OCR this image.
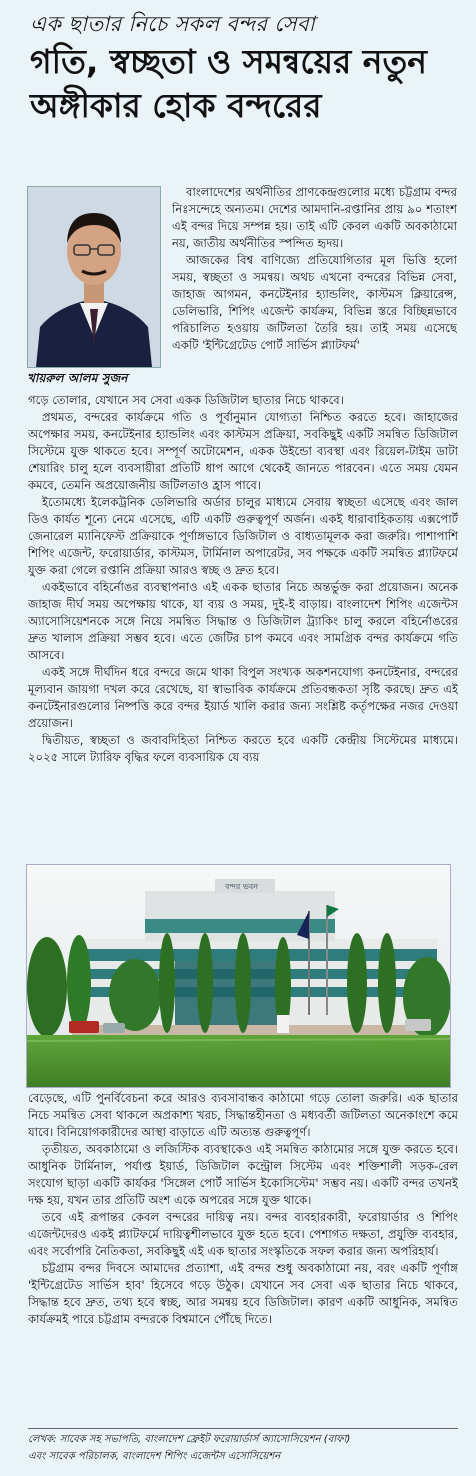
এক ছাতার নিচে সকল বন্দর সেবা
গতি, স্বচ্ছতা ও সমন্বয়ের নতুন অঙ্গীকার হোক বন্দরের
খায়রুল আলম সুজন

বাংলাদেশের অর্থনীতির প্রাণকেন্দ্রগুলোর মধ্যে চট্টগ্রাম বন্দর নিঃসন্দেহে অন্যতম। দেশের আমদানি-রপ্তানির প্রায় ৯০ শতাংশ এই বন্দর দিয়ে সম্পন্ন হয়। তাই এটি কেবল একটি অবকাঠামো নয়, জাতীয় অর্থনীতির স্পন্দিত হৃদয়।

আজকের বিশ্ব বাণিজ্যে প্রতিযোগিতার মূল ভিত্তি হলো সময়, স্বচ্ছতা ও সমন্বয়। অথচ এখনো বন্দরের বিভিন্ন সেবা, জাহাজ আগমন, কনটেইনার হ্যান্ডলিং, কাস্টমস ক্লিয়ারেন্স, ডেলিভারি, শিপিং এজেন্ট কার্যক্রম, বিভিন্ন স্তরে বিচ্ছিন্নভাবে পরিচালিত হওয়ায় জটিলতা তৈরি হয়। তাই সময় এসেছে একটি 'ইন্টিগ্রেটেড পোর্ট সার্ভিস প্ল্যাটফর্ম'

গড়ে তোলার, যেখানে সব সেবা একক ডিজিটাল ছাতার নিচে থাকবে।

প্রথমত, বন্দরের কার্যক্রমে গতি ও পূর্বানুমান যোগ্যতা নিশ্চিত করতে হবে। জাহাজের অপেক্ষার সময়, কনটেইনার হ্যান্ডলিং এবং কাস্টমস প্রক্রিয়া, সবকিছুই একটি সমন্বিত ডিজিটাল সিস্টেমে যুক্ত থাকতে হবে। সম্পূর্ণ অটোমেশন, একক উইন্ডো ব্যবস্থা এবং রিয়েল-টাইম ডাটা শেয়ারিং চালু হলে ব্যবসায়ীরা প্রতিটি ধাপ আগে থেকেই জানতে পারবেন। এতে সময় যেমন কমবে, তেমনি অপ্রয়োজনীয় জটিলতাও হ্রাস পাবে।

ইতোমধ্যে ইলেকট্রনিক ডেলিভারি অর্ডার চালুর মাধ্যমে সেবায় স্বচ্ছতা এসেছে এবং জাল ডিও কার্যত শূন্যে নেমে এসেছে, এটি একটি গুরুত্বপূর্ণ অর্জন। একই ধারাবাহিকতায় এক্সপোর্ট জেনারেল ম্যানিফেস্ট প্রক্রিয়াকে পূর্ণাঙ্গভাবে ডিজিটাল ও বাধ্যতামূলক করা জরুরি। পাশাপাশি শিপিং এজেন্ট, ফরোয়ার্ডার, কাস্টমস, টার্মিনাল অপারেটর, সব পক্ষকে একটি সমন্বিত প্ল্যাটফর্মে যুক্ত করা গেলে রপ্তানি প্রক্রিয়া আরও স্বচ্ছ ও দ্রুত হবে।

একইভাবে বহির্নোঙর ব্যবস্থাপনাও এই একক ছাতার নিচে অন্তর্ভুক্ত করা প্রয়োজন। অনেক জাহাজ দীর্ঘ সময় অপেক্ষায় থাকে, যা ব্যয় ও সময়, দুই-ই বাড়ায়। বাংলাদেশ শিপিং এজেন্টস অ্যাসোসিয়েশনকে সঙ্গে নিয়ে সমন্বিত সিদ্ধান্ত ও ডিজিটাল ট্র্যাকিং চালু করলে বহির্নোঙরের দ্রুত খালাস প্রক্রিয়া সম্ভব হবে। এতে জেটির চাপ কমবে এবং সামগ্রিক বন্দর কার্যক্রমে গতি আসবে।

একই সঙ্গে দীর্ঘদিন ধরে বন্দরে জমে থাকা বিপুল সংখ্যক অকশনযোগ্য কনটেইনার, বন্দরের মূল্যবান জায়গা দখল করে রেখেছে, যা স্বাভাবিক কার্যক্রমে প্রতিবন্ধকতা সৃষ্টি করছে। দ্রুত এই কনটেইনারগুলোর নিষ্পত্তি করে বন্দর ইয়ার্ড খালি করার জন্য সংশ্লিষ্ট কর্তৃপক্ষের নজর দেওয়া প্রয়োজন।

দ্বিতীয়ত, স্বচ্ছতা ও জবাবদিহিতা নিশ্চিত করতে হবে একটি কেন্দ্রীয় সিস্টেমের মাধ্যমে। ২০২৫ সালে ট্যারিফ বৃদ্ধির ফলে ব্যবসায়িক যে ব্যয়

বন্দর ভবন

বেড়েছে, এটি পুনর্বিবেচনা করে আরও ব্যবসাবান্ধব কাঠামো গড়ে তোলা জরুরি। এক ছাতার নিচে সমন্বিত সেবা থাকলে অপ্রকাশ্য খরচ, সিদ্ধান্তহীনতা ও মধ্যবর্তী জটিলতা অনেকাংশে কমে যাবে। বিনিয়োগকারীদের আস্থা বাড়াতে এটি অত্যন্ত গুরুত্বপূর্ণ।

তৃতীয়ত, অবকাঠামো ও লজিস্টিক ব্যবস্থাকেও এই সমন্বিত কাঠামোর সঙ্গে যুক্ত করতে হবে। আধুনিক টার্মিনাল, পর্যাপ্ত ইয়ার্ড, ডিজিটাল কন্ট্রোল সিস্টেম এবং শক্তিশালী সড়ক-রেল সংযোগ ছাড়া একটি কার্যকর 'সিঙ্গেল পোর্ট সার্ভিস ইকোসিস্টেম' সম্ভব নয়। একটি বন্দর তখনই দক্ষ হয়, যখন তার প্রতিটি অংশ একে অপরের সঙ্গে যুক্ত থাকে।

তবে এই রূপান্তর কেবল বন্দরের দায়িত্ব নয়। বন্দর ব্যবহারকারী, ফরোয়ার্ডার ও শিপিং এজেন্টদেরও একই প্ল্যাটফর্মে দায়িত্বশীলভাবে যুক্ত হতে হবে। পেশাগত দক্ষতা, প্রযুক্তি ব্যবহার, এবং সর্বোপরি নৈতিকতা, সবকিছুই এই এক ছাতার সংস্কৃতিকে সফল করার জন্য অপরিহার্য।

চট্টগ্রাম বন্দর দিবসে আমাদের প্রত্যাশা, এই বন্দর শুধু অবকাঠামো নয়, বরং একটি পূর্ণাঙ্গ 'ইন্টিগ্রেটেড সার্ভিস হাব' হিসেবে গড়ে উঠুক। যেখানে সব সেবা এক ছাতার নিচে থাকবে, সিদ্ধান্ত হবে দ্রুত, তথ্য হবে স্বচ্ছ, আর সমন্বয় হবে ডিজিটাল। কারণ একটি আধুনিক, সমন্বিত কার্যক্রমই পারে চট্টগ্রাম বন্দরকে বিশ্বমানে পৌঁছে দিতে।

লেখক: সাবেক সহ সভাপতি, বাংলাদেশ ফ্রেইট ফরোয়ার্ডার্স অ্যাসোসিয়েশন (বাফা)
এবং সাবেক পরিচালক, বাংলাদেশ শিপিং এজেন্টস এসোসিয়েশন
